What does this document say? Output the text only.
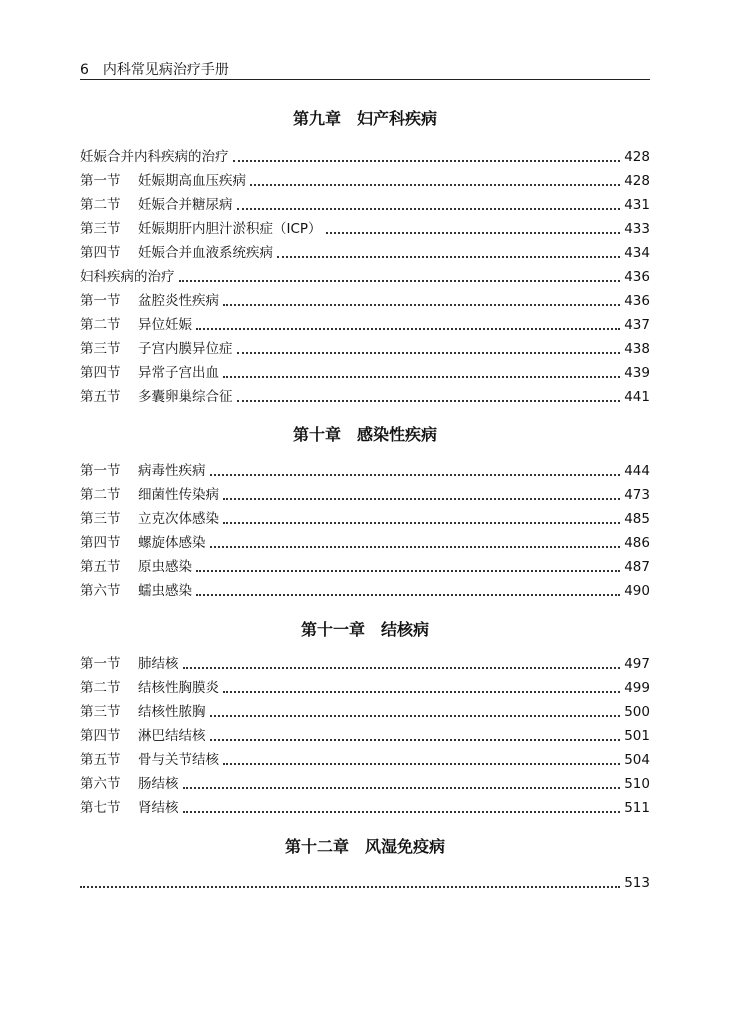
6 内科常见病治疗手册
第九章 妇产科疾病
妊娠合并内科疾病的治疗	428
第一节	妊娠期高血压疾病	428
第二节	妊娠合并糖尿病	431
第三节	妊娠期肝内胆汁淤积症（ICP）	433
第四节	妊娠合并血液系统疾病	434
妇科疾病的治疗	436
第一节	盆腔炎性疾病	436
第二节	异位妊娠	437
第三节	子宫内膜异位症	438
第四节	异常子宫出血	439
第五节	多囊卵巢综合征	441
第十章 感染性疾病
第一节	病毒性疾病	444
第二节	细菌性传染病	473
第三节	立克次体感染	485
第四节	螺旋体感染	486
第五节	原虫感染	487
第六节	蠕虫感染	490
第十一章 结核病
第一节	肺结核	497
第二节	结核性胸膜炎	499
第三节	结核性脓胸	500
第四节	淋巴结结核	501
第五节	骨与关节结核	504
第六节	肠结核	510
第七节	肾结核	511
第十二章 风湿免疫病
513
